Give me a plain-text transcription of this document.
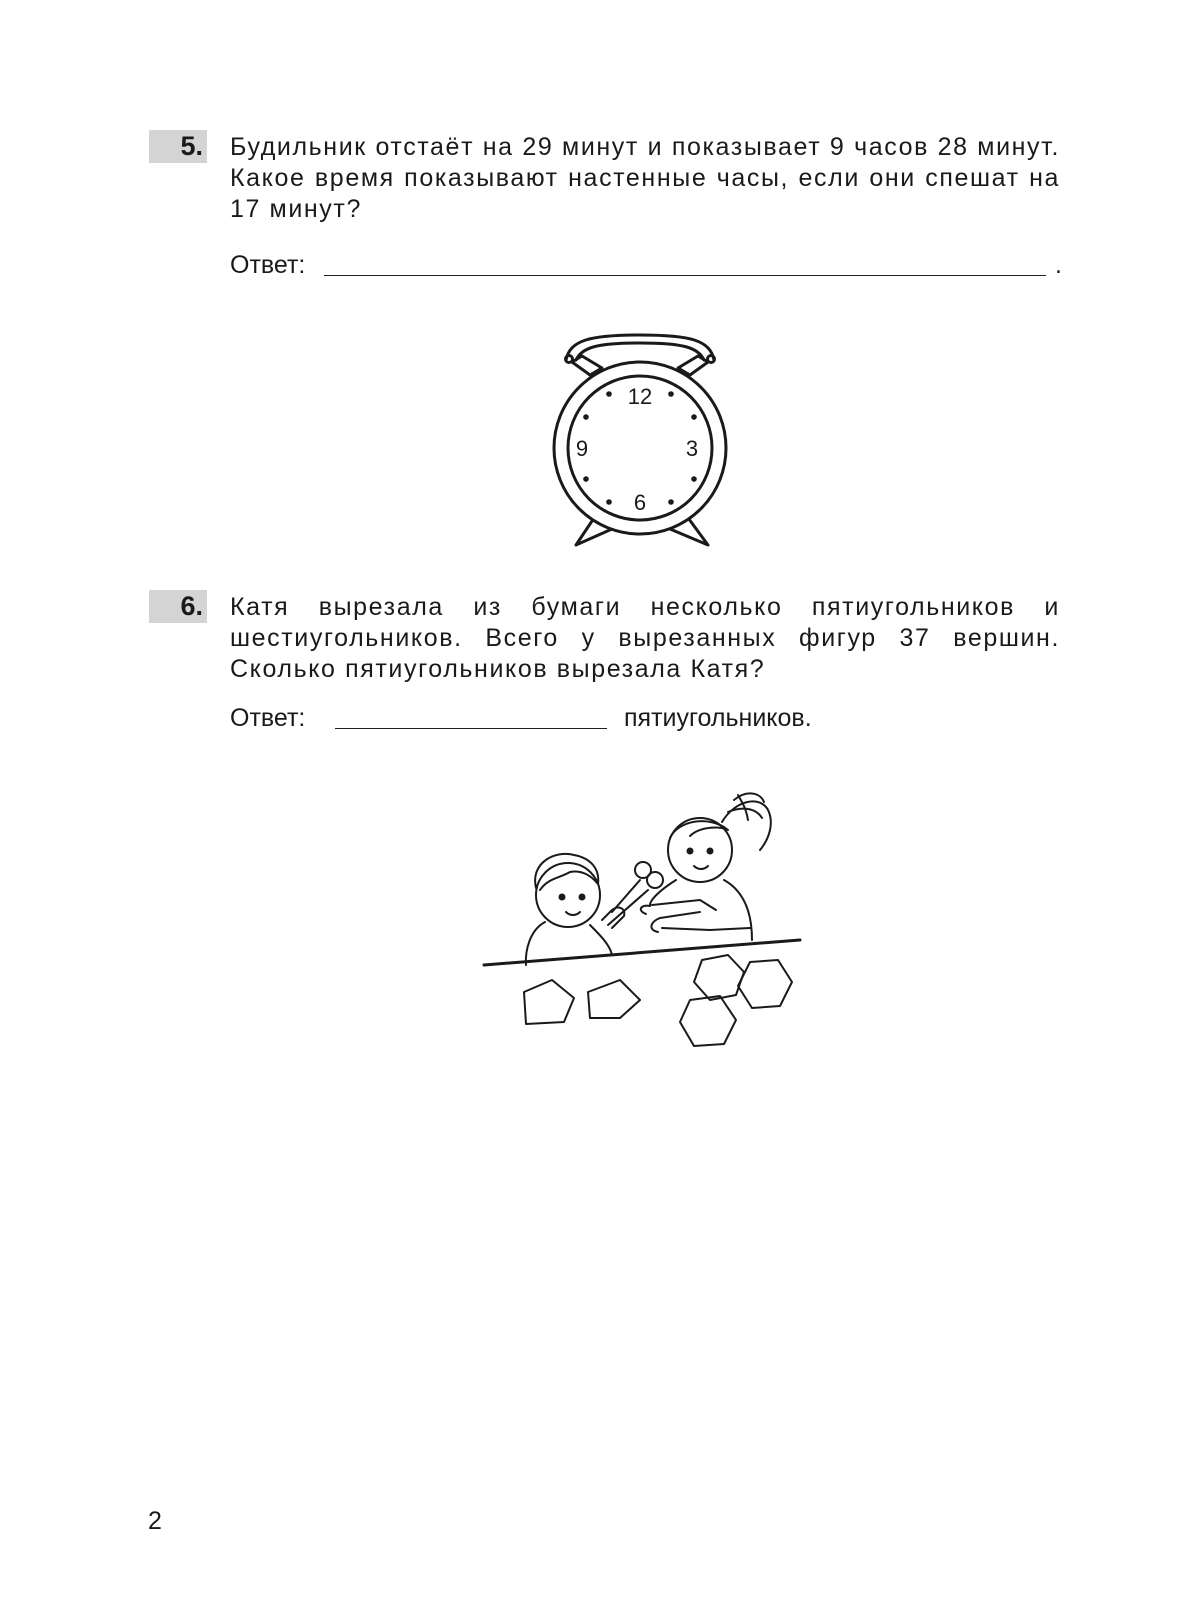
5. Будильник отстаёт на 29 минут и показывает 9 часов 28 минут. Какое время показывают настенные часы, если они спешат на 17 минут?
Ответ:	.
12
3
6
9
6. Катя вырезала из бумаги несколько пятиугольников и шестиугольников. Всего у вырезанных фигур 37 вершин. Сколько пятиугольников вырезала Катя?
Ответ:	пятиугольников.
2
